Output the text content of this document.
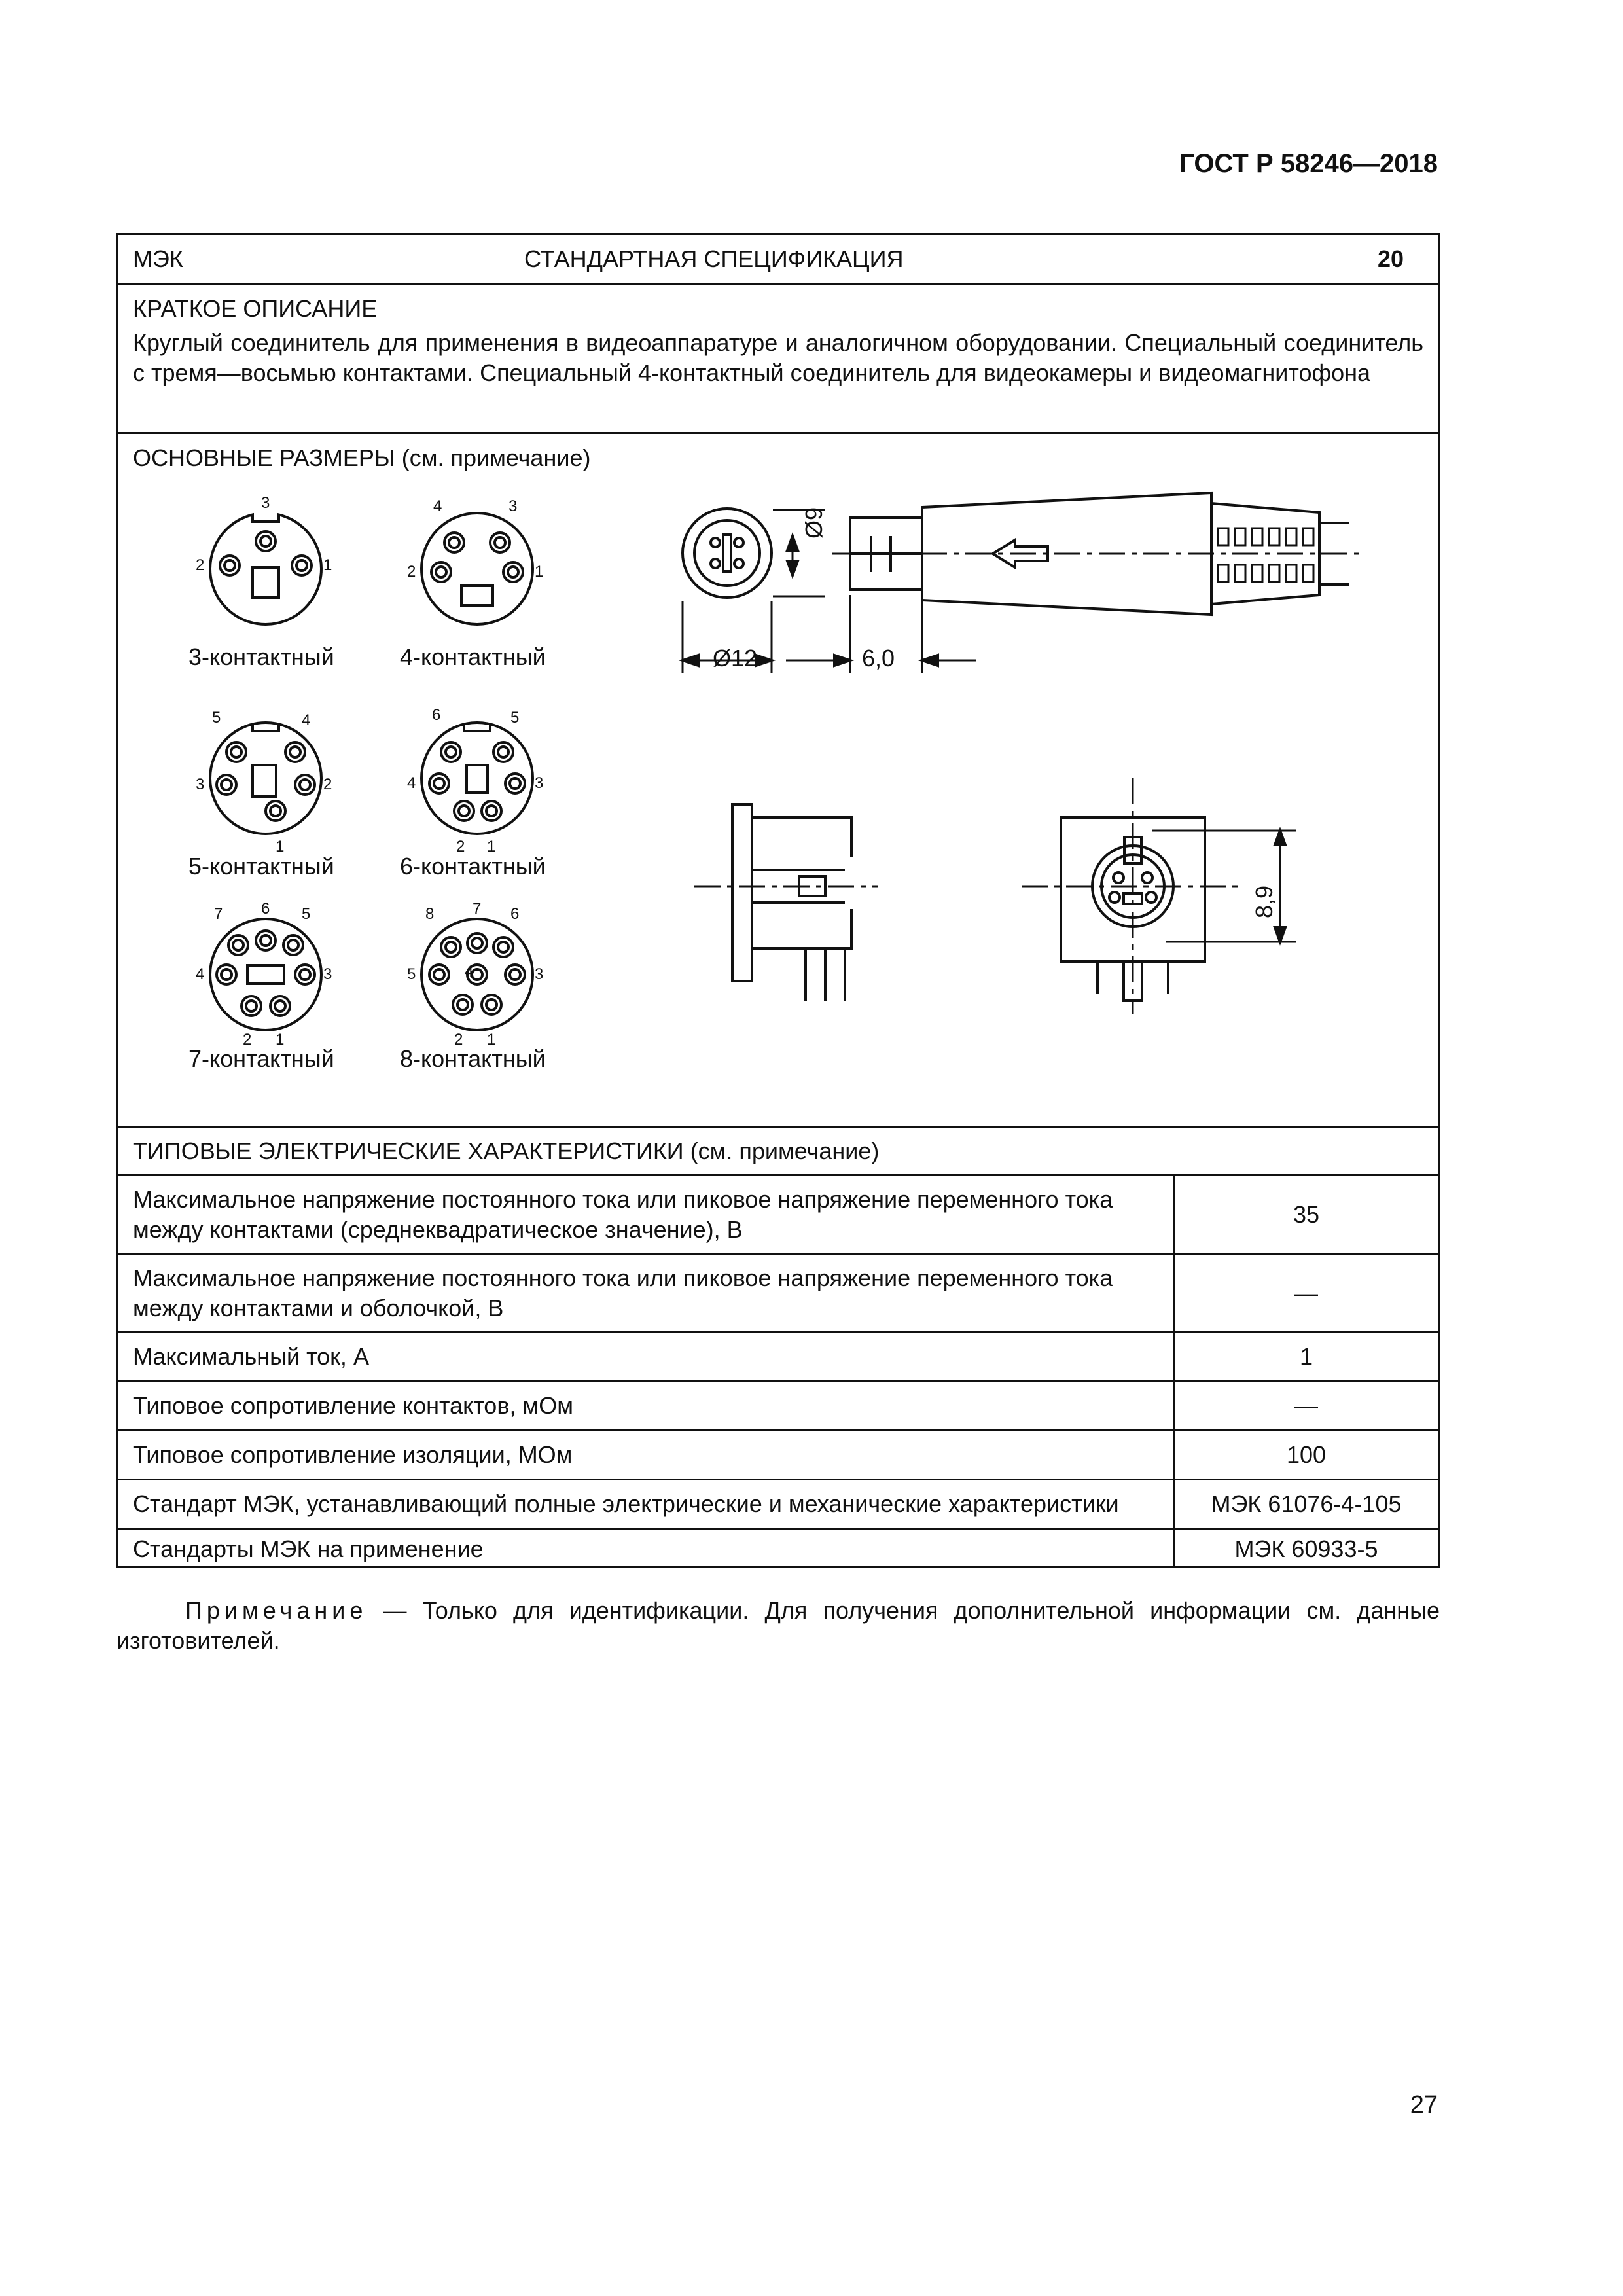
ГОСТ Р 58246—2018
МЭК	СТАНДАРТНАЯ СПЕЦИФИКАЦИЯ	20
КРАТКОЕ ОПИСАНИЕ
Круглый соединитель для применения в видеоаппаратуре и аналогичном оборудовании. Специальный соединитель с тремя—восьмью контактами. Специальный 4-контактный соединитель для видеокамеры и видеомагнитофона
ОСНОВНЫЕ РАЗМЕРЫ (см. примечание)
3
2	1
4	3
2	1
5	4
3	2
1
6	5
4	3
2 1
7 6 5
4	3
2 1
8 7 6
5	4	3
2 1
3-контактный	4-контактный
5-контактный	6-контактный
7-контактный	8-контактный
Ø12	6,0
Ø9
8,9
ТИПОВЫЕ ЭЛЕКТРИЧЕСКИЕ ХАРАКТЕРИСТИКИ (см. примечание)
Максимальное напряжение постоянного тока или пиковое напряжение переменного тока между контактами (среднеквадратическое значение), В
35
Максимальное напряжение постоянного тока или пиковое напряжение переменного тока между контактами и оболочкой, В
—
Максимальный ток, А	1
Типовое сопротивление контактов, мОм	—
Типовое сопротивление изоляции, МОм	100
Стандарт МЭК, устанавливающий полные электрические и механические характеристики	МЭК 61076-4-105
Стандарты МЭК на применение	МЭК 60933-5
Примечание — Только для идентификации. Для получения дополнительной информации см. данные изготовителей.
27
